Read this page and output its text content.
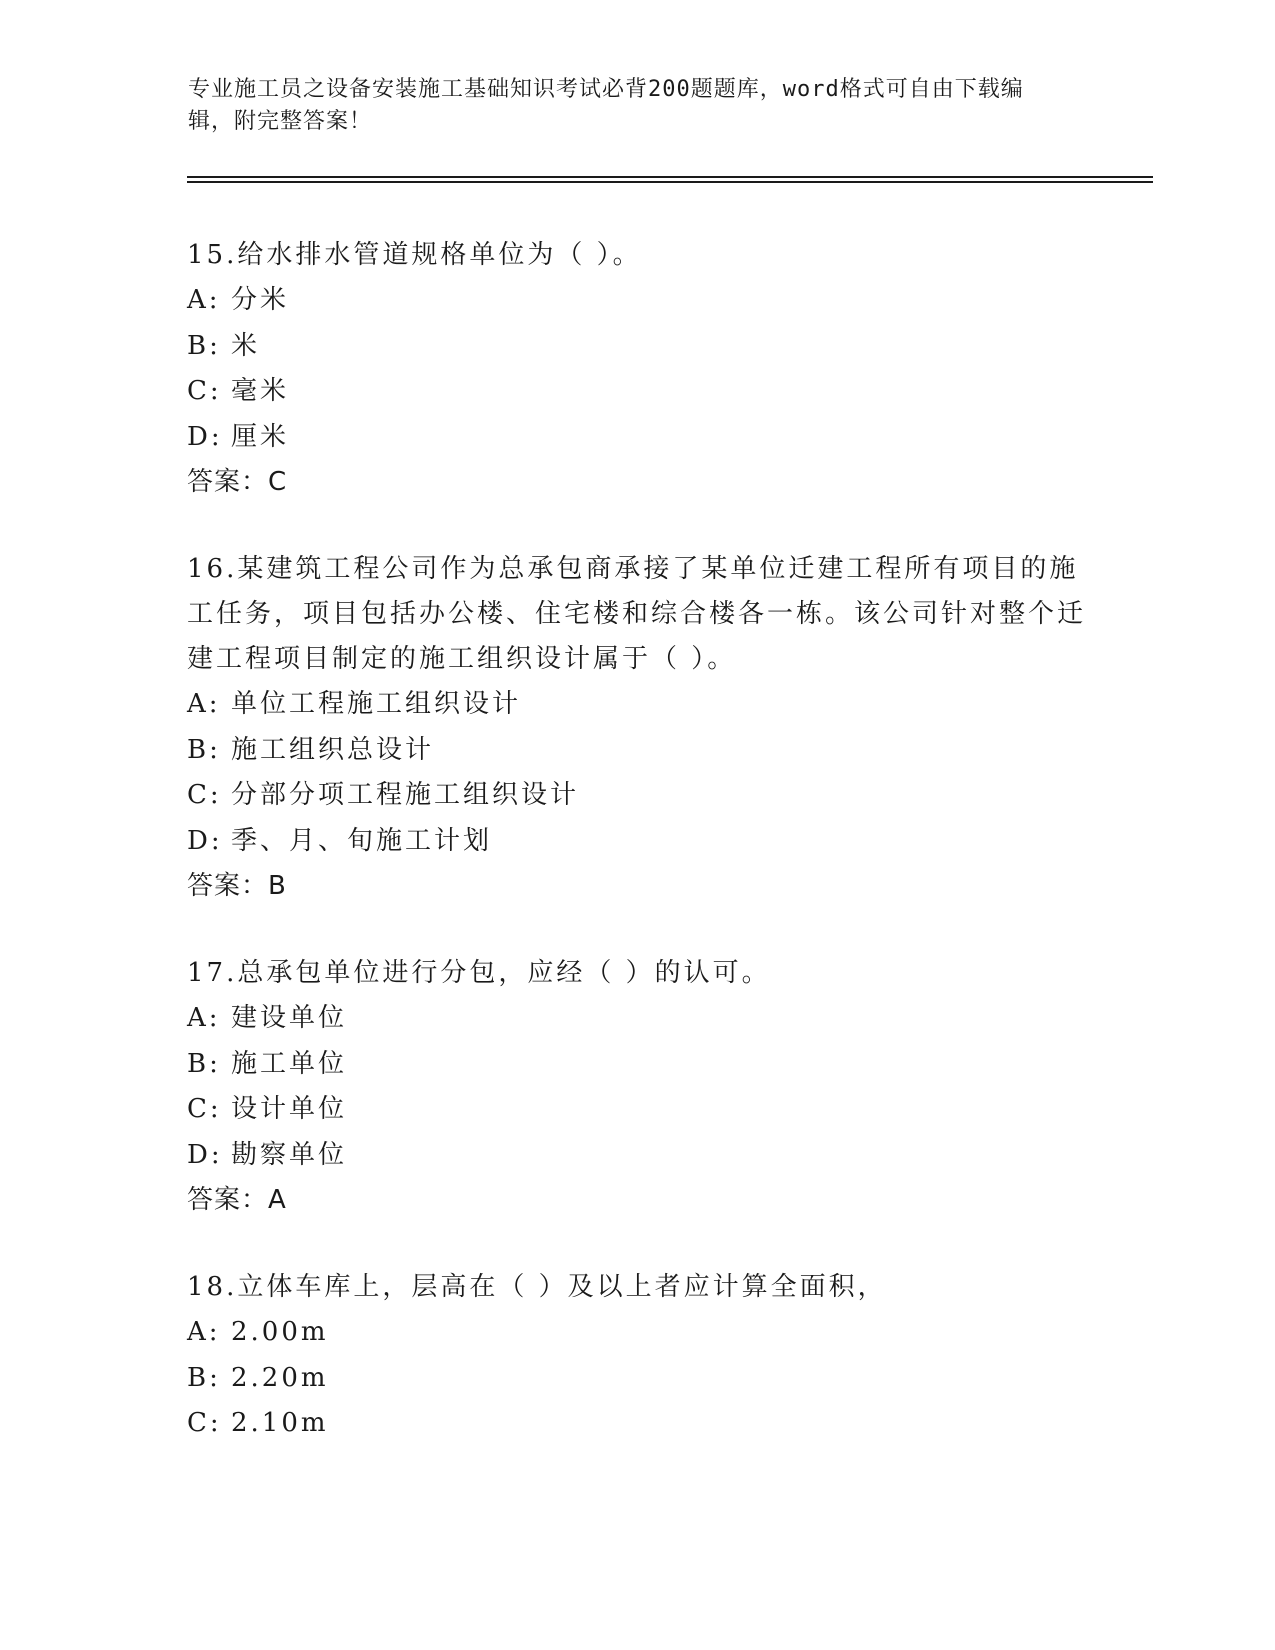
专业施工员之设备安装施工基础知识考试必背200题题库，word格式可自由下载编辑，附完整答案！
15.给水排水管道规格单位为（ ）。
A: 分米
B: 米
C: 毫米
D: 厘米
答案：C
16.某建筑工程公司作为总承包商承接了某单位迁建工程所有项目的施工任务，项目包括办公楼、住宅楼和综合楼各一栋。该公司针对整个迁建工程项目制定的施工组织设计属于（ ）。
A: 单位工程施工组织设计
B: 施工组织总设计
C: 分部分项工程施工组织设计
D: 季、月、旬施工计划
答案：B
17.总承包单位进行分包，应经（ ）的认可。
A: 建设单位
B: 施工单位
C: 设计单位
D: 勘察单位
答案：A
18.立体车库上，层高在（ ）及以上者应计算全面积，
A: 2.00m
B: 2.20m
C: 2.10m
